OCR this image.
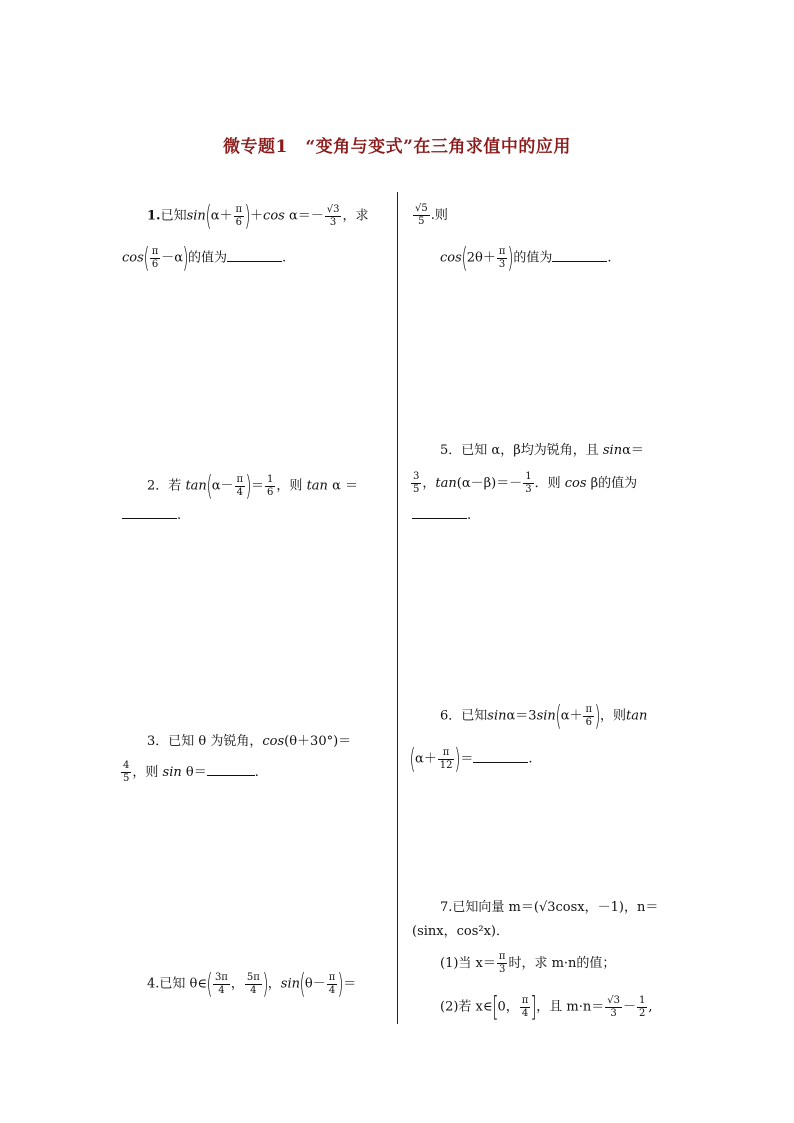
微专题1　“变角与变式”在三角求值中的应用
1.已知$\sin(\alpha+ \frac{\pi}{6} )+\cos$ $\alpha=- \frac{√3}{3}$ ，求
$\cos( \frac{\pi}{6} -\alpha)$的值为	.
2．若 $\tan(\alpha- \frac{\pi}{4}$ )＝ $\frac{1}{6}$ ，则 tan α ＝
.
3．已知 θ 为锐角，cos(θ＋30°)＝
$\frac{4}{5}$ ，则 sin θ＝	.
4.已知 θ∈( $\frac{3\pi}{4}$ ， $\frac{5\pi}{4}$ )，$\sin(\theta- \frac{\pi}{4}$ )＝
$\frac{√5}{5}$ .则
$\cos(2\theta+ \frac{\pi}{3}$ )的值为	.
5．已知 α，β均为锐角，且 sinα＝
$\frac{3}{5}$ ，$\tan(\alpha-\beta)=- \frac{1}{3}$ ．则 cos β的值为
.
6．已知$\sin\alpha=3\sin(\alpha+ \frac{\pi}{6}$ )，则tan
($\alpha+ \frac{\pi}{12}$ )＝	.
7.已知向量 m＝(√3cosx，－1)，n＝
(sinx，cos²x)．
(1)当 $x= \frac{\pi}{3}$ 时，求 m·n的值；
(2)若 x∈[0， $\frac{\pi}{4}$ ]，且 $m\cdot n= \frac{√3}{3} - \frac{1}{2}$ ,
